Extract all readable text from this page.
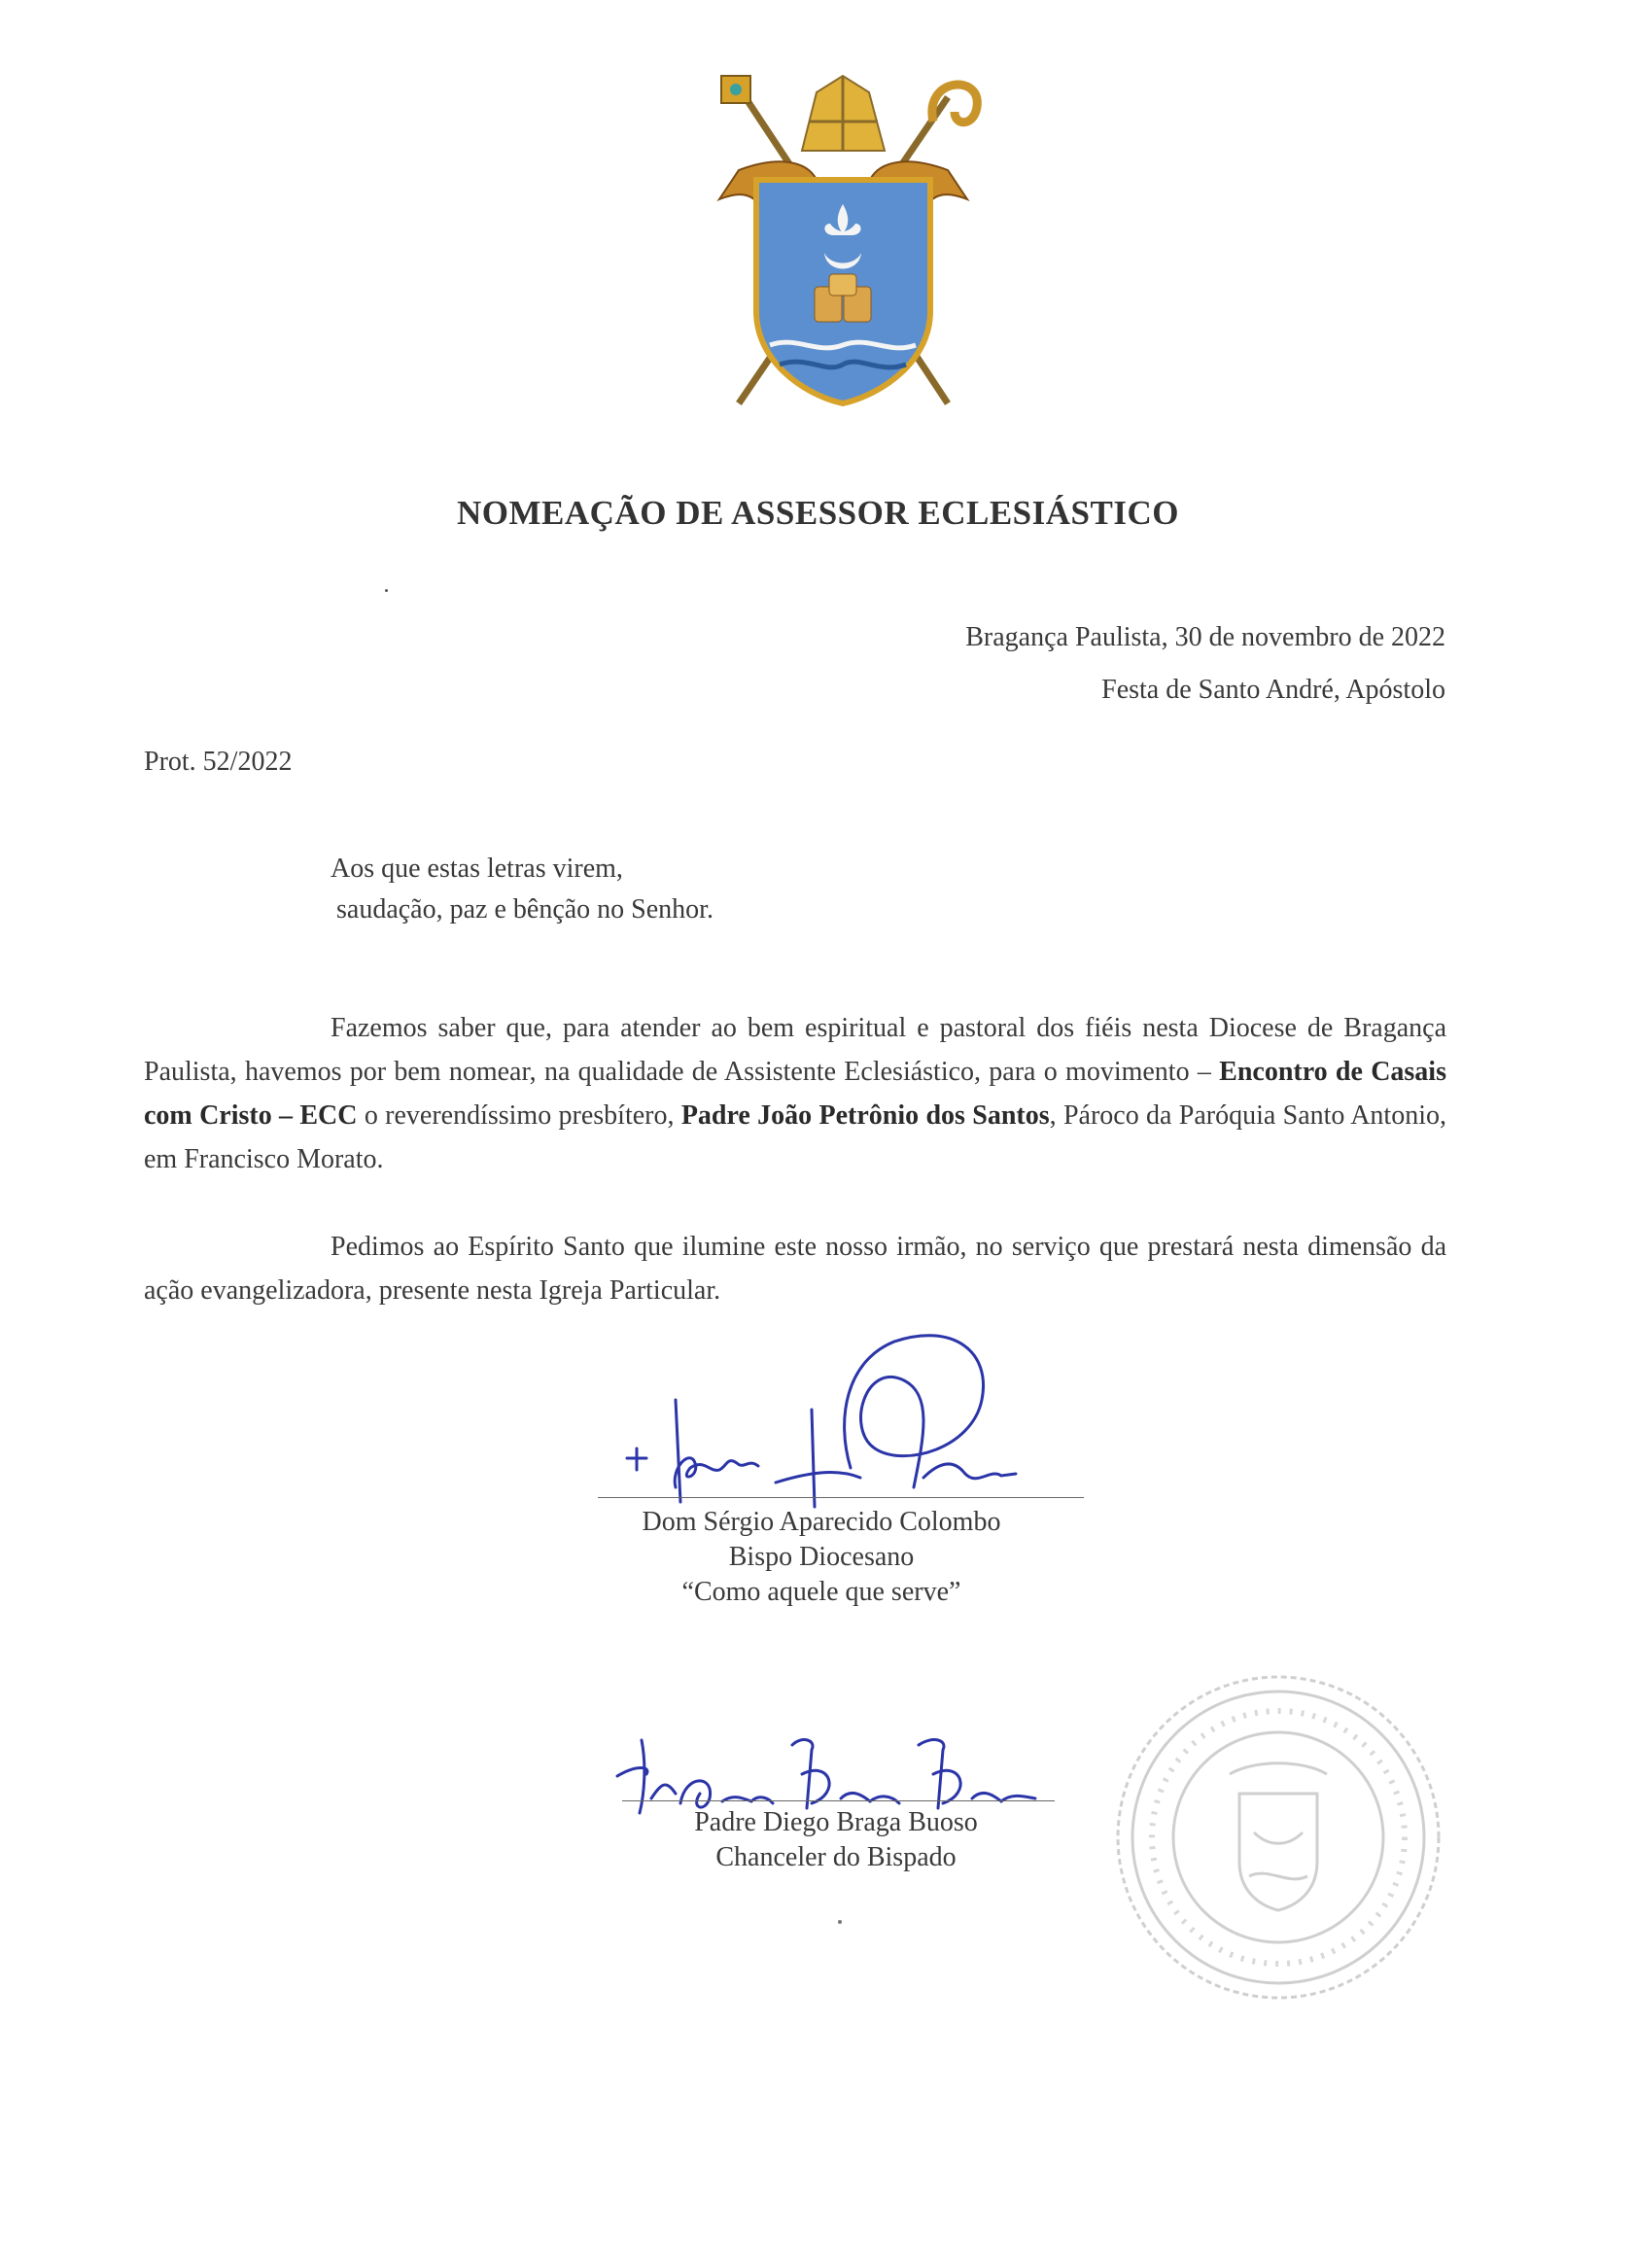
NOMEAÇÃO DE ASSESSOR ECLESIÁSTICO
Bragança Paulista, 30 de novembro de 2022
Festa de Santo André, Apóstolo
Prot. 52/2022
Aos que estas letras virem,
saudação, paz e bênção no Senhor.

Fazemos saber que, para atender ao bem espiritual e pastoral dos fiéis nesta Diocese de Bragança Paulista, havemos por bem nomear, na qualidade de Assistente Eclesiástico, para o movimento – Encontro de Casais com Cristo – ECC o reverendíssimo presbítero, Padre João Petrônio dos Santos, Pároco da Paróquia Santo Antonio, em Francisco Morato.

Pedimos ao Espírito Santo que ilumine este nosso irmão, no serviço que prestará nesta dimensão da ação evangelizadora, presente nesta Igreja Particular.

Dom Sérgio Aparecido Colombo
Bispo Diocesano
“Como aquele que serve”
Padre Diego Braga Buoso
Chanceler do Bispado
